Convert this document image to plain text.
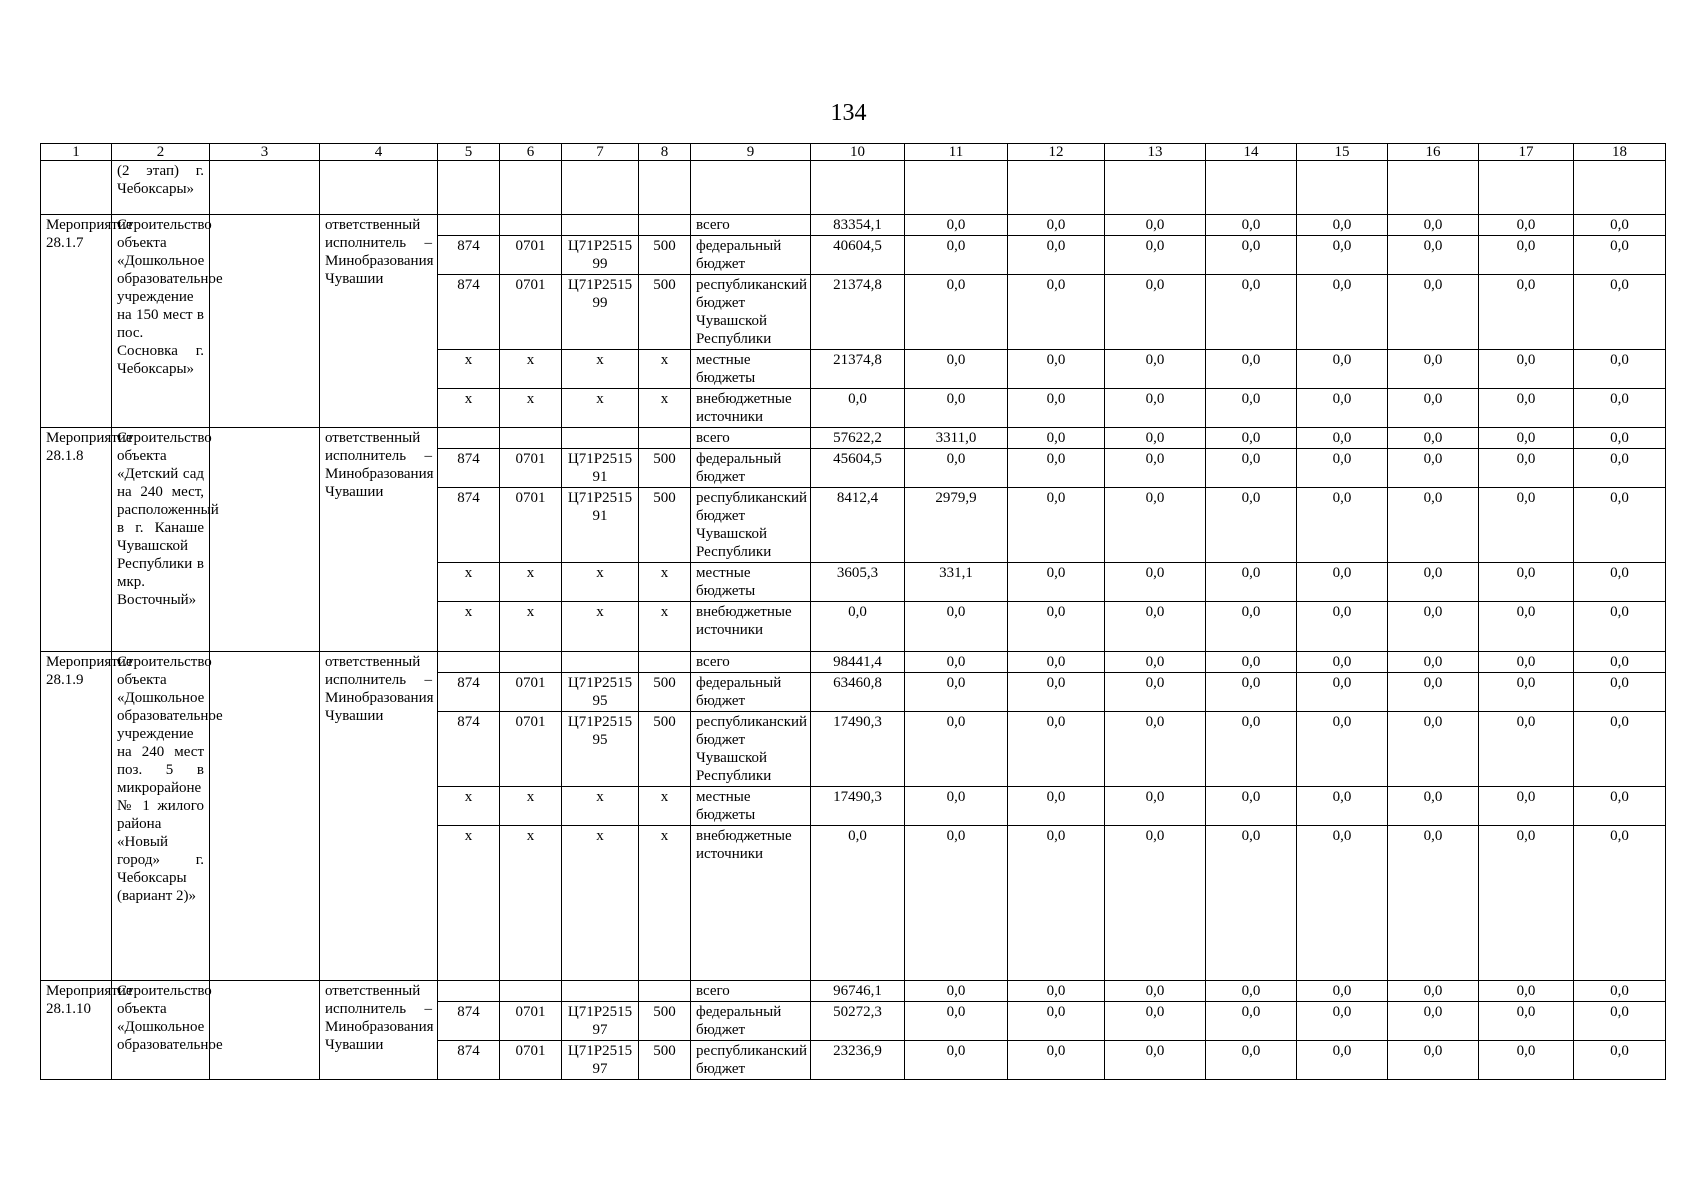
134
1	2	3	4	5	6	7	8	9	10	11	12	13	14	15	16	17	18
	(2 этап) г. Чебоксары»																
Мероприятие 28.1.7	Строительство объекта «Дошкольное образовательное учреждение на 150 мест в пос. Сосновка г. Чебоксары»		ответственный исполнитель – Минобразования Чувашии					всего	83354,1	0,0	0,0	0,0	0,0	0,0	0,0	0,0	0,0
				874	0701	Ц71P251599	500	федеральный бюджет	40604,5	0,0	0,0	0,0	0,0	0,0	0,0	0,0	0,0
				874	0701	Ц71P251599	500	республиканский бюджет Чувашской Республики	21374,8	0,0	0,0	0,0	0,0	0,0	0,0	0,0	0,0
				x	x	x	x	местные бюджеты	21374,8	0,0	0,0	0,0	0,0	0,0	0,0	0,0	0,0
				x	x	x	x	внебюджетные источники	0,0	0,0	0,0	0,0	0,0	0,0	0,0	0,0	0,0
Мероприятие 28.1.8	Строительство объекта «Детский сад на 240 мест, расположенный в г. Канаше Чувашской Республики в мкр. Восточный»		ответственный исполнитель – Минобразования Чувашии					всего	57622,2	3311,0	0,0	0,0	0,0	0,0	0,0	0,0	0,0
				874	0701	Ц71P251591	500	федеральный бюджет	45604,5	0,0	0,0	0,0	0,0	0,0	0,0	0,0	0,0
				874	0701	Ц71P251591	500	республиканский бюджет Чувашской Республики	8412,4	2979,9	0,0	0,0	0,0	0,0	0,0	0,0	0,0
				x	x	x	x	местные бюджеты	3605,3	331,1	0,0	0,0	0,0	0,0	0,0	0,0	0,0
				x	x	x	x	внебюджетные источники	0,0	0,0	0,0	0,0	0,0	0,0	0,0	0,0	0,0
Мероприятие 28.1.9	Строительство объекта «Дошкольное образовательное учреждение на 240 мест поз. 5 в микрорайоне № 1 жилого района «Новый город» г. Чебоксары (вариант 2)»		ответственный исполнитель – Минобразования Чувашии					всего	98441,4	0,0	0,0	0,0	0,0	0,0	0,0	0,0	0,0
				874	0701	Ц71P251595	500	федеральный бюджет	63460,8	0,0	0,0	0,0	0,0	0,0	0,0	0,0	0,0
				874	0701	Ц71P251595	500	республиканский бюджет Чувашской Республики	17490,3	0,0	0,0	0,0	0,0	0,0	0,0	0,0	0,0
				x	x	x	x	местные бюджеты	17490,3	0,0	0,0	0,0	0,0	0,0	0,0	0,0	0,0
				x	x	x	x	внебюджетные источники	0,0	0,0	0,0	0,0	0,0	0,0	0,0	0,0	0,0
Мероприятие 28.1.10	Строительство объекта «Дошкольное образовательное		ответственный исполнитель – Минобразования Чувашии					всего	96746,1	0,0	0,0	0,0	0,0	0,0	0,0	0,0	0,0
				874	0701	Ц71P251597	500	федеральный бюджет	50272,3	0,0	0,0	0,0	0,0	0,0	0,0	0,0	0,0
				874	0701	Ц71P251597	500	республиканский бюджет	23236,9	0,0	0,0	0,0	0,0	0,0	0,0	0,0	0,0
